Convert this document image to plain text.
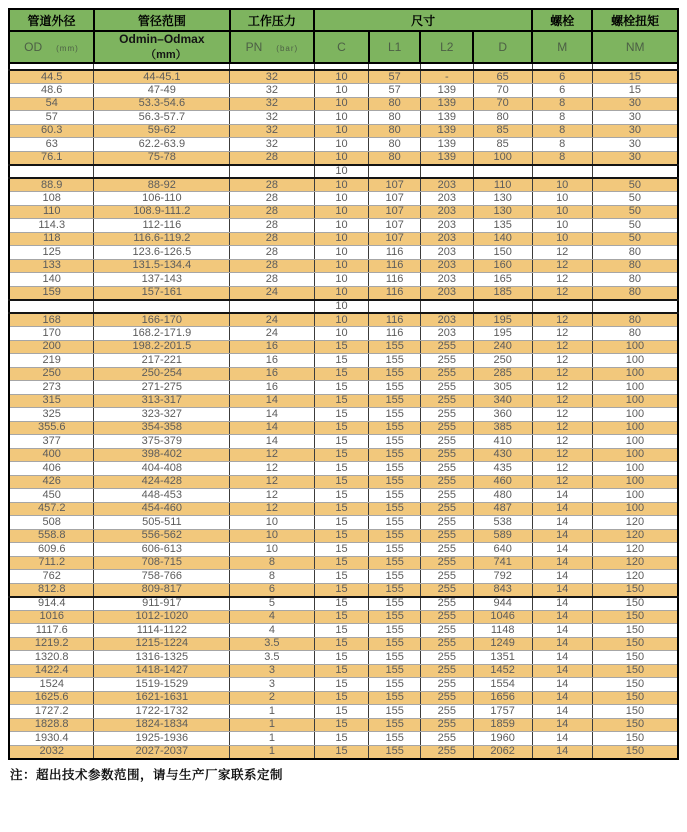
管道外径	管径范围	工作压力	尺寸				螺栓	螺栓扭矩
OD (mm)	Odmin–Odmax（mm）	PN (bar)	C	L1	L2	D	M	NM

44.5	44-45.1	32	10	57	-	65	6	15
48.6	47-49	32	10	57	139	70	6	15
54	53.3-54.6	32	10	80	139	70	8	30
57	56.3-57.7	32	10	80	139	80	8	30
60.3	59-62	32	10	80	139	85	8	30
63	62.2-63.9	32	10	80	139	85	8	30
76.1	75-78	28	10	80	139	100	8	30
			10					
88.9	88-92	28	10	107	203	110	10	50
108	106-110	28	10	107	203	130	10	50
110	108.9-111.2	28	10	107	203	130	10	50
114.3	112-116	28	10	107	203	135	10	50
118	116.6-119.2	28	10	107	203	140	10	50
125	123.6-126.5	28	10	116	203	150	12	80
133	131.5-134.4	28	10	116	203	160	12	80
140	137-143	28	10	116	203	165	12	80
159	157-161	24	10	116	203	185	12	80
			10					
168	166-170	24	10	116	203	195	12	80
170	168.2-171.9	24	10	116	203	195	12	80
200	198.2-201.5	16	15	155	255	240	12	100
219	217-221	16	15	155	255	250	12	100
250	250-254	16	15	155	255	285	12	100
273	271-275	16	15	155	255	305	12	100
315	313-317	14	15	155	255	340	12	100
325	323-327	14	15	155	255	360	12	100
355.6	354-358	14	15	155	255	385	12	100
377	375-379	14	15	155	255	410	12	100
400	398-402	12	15	155	255	430	12	100
406	404-408	12	15	155	255	435	12	100
426	424-428	12	15	155	255	460	12	100
450	448-453	12	15	155	255	480	14	100
457.2	454-460	12	15	155	255	487	14	100
508	505-511	10	15	155	255	538	14	120
558.8	556-562	10	15	155	255	589	14	120
609.6	606-613	10	15	155	255	640	14	120
711.2	708-715	8	15	155	255	741	14	120
762	758-766	8	15	155	255	792	14	120
812.8	809-817	6	15	155	255	843	14	150
914.4	911-917	5	15	155	255	944	14	150
1016	1012-1020	4	15	155	255	1046	14	150
1117.6	1114-1122	4	15	155	255	1148	14	150
1219.2	1215-1224	3.5	15	155	255	1249	14	150
1320.8	1316-1325	3.5	15	155	255	1351	14	150
1422.4	1418-1427	3	15	155	255	1452	14	150
1524	1519-1529	3	15	155	255	1554	14	150
1625.6	1621-1631	2	15	155	255	1656	14	150
1727.2	1722-1732	1	15	155	255	1757	14	150
1828.8	1824-1834	1	15	155	255	1859	14	150
1930.4	1925-1936	1	15	155	255	1960	14	150
2032	2027-2037	1	15	155	255	2062	14	150
注：超出技术参数范围，请与生产厂家联系定制
